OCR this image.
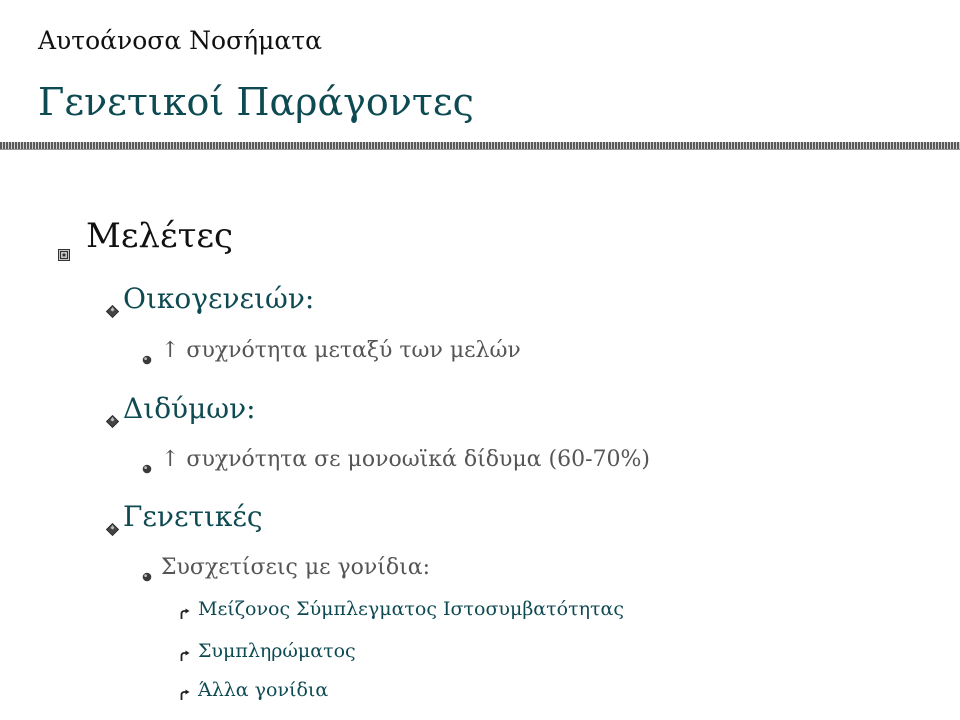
Αυτοάνοσα Νοσήματα
Γενετικοί Παράγοντες
Μελέτες
Οικογενειών:
↑ συχνότητα μεταξύ των μελών
Διδύμων:
↑ συχνότητα σε μονοωϊκά δίδυμα (60-70%)
Γενετικές
Συσχετίσεις με γονίδια:
Μείζονος Σύμπλεγματος Ιστοσυμβατότητας
Συμπληρώματος
Άλλα γονίδια
